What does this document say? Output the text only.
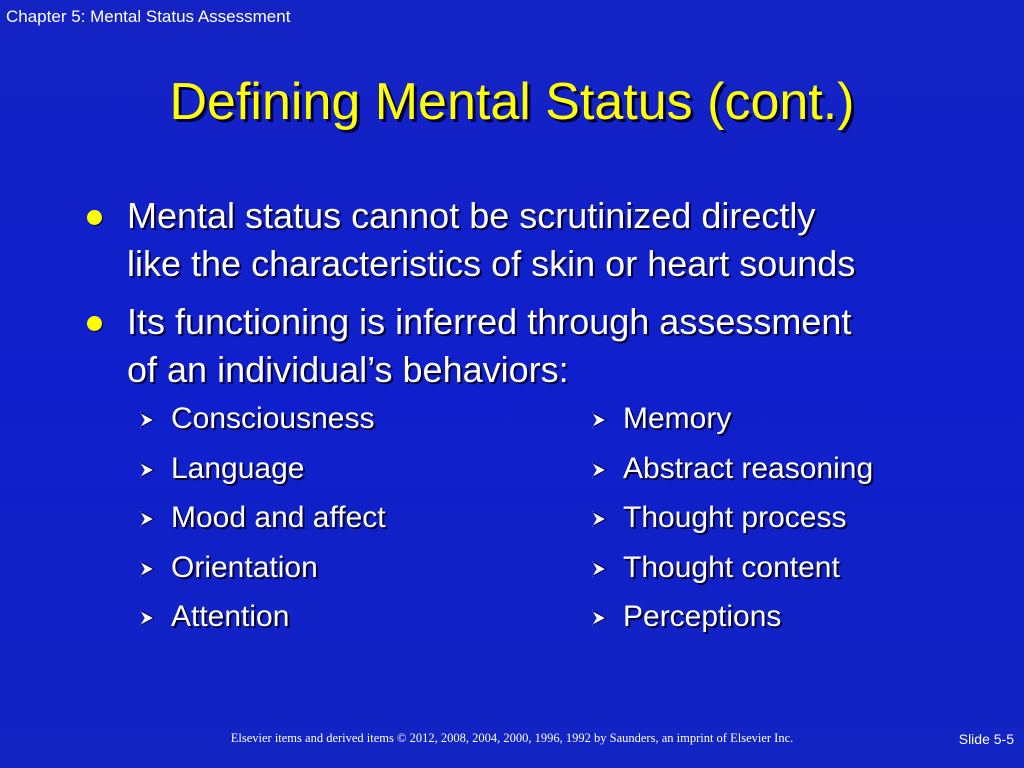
Chapter 5: Mental Status Assessment
Defining Mental Status (cont.)
Mental status cannot be scrutinized directly
like the characteristics of skin or heart sounds
Its functioning is inferred through assessment
of an individual’s behaviors:
Consciousness
Language
Mood and affect
Orientation
Attention
Memory
Abstract reasoning
Thought process
Thought content
Perceptions
Elsevier items and derived items © 2012, 2008, 2004, 2000, 1996, 1992 by Saunders, an imprint of Elsevier Inc.	Slide 5-5
